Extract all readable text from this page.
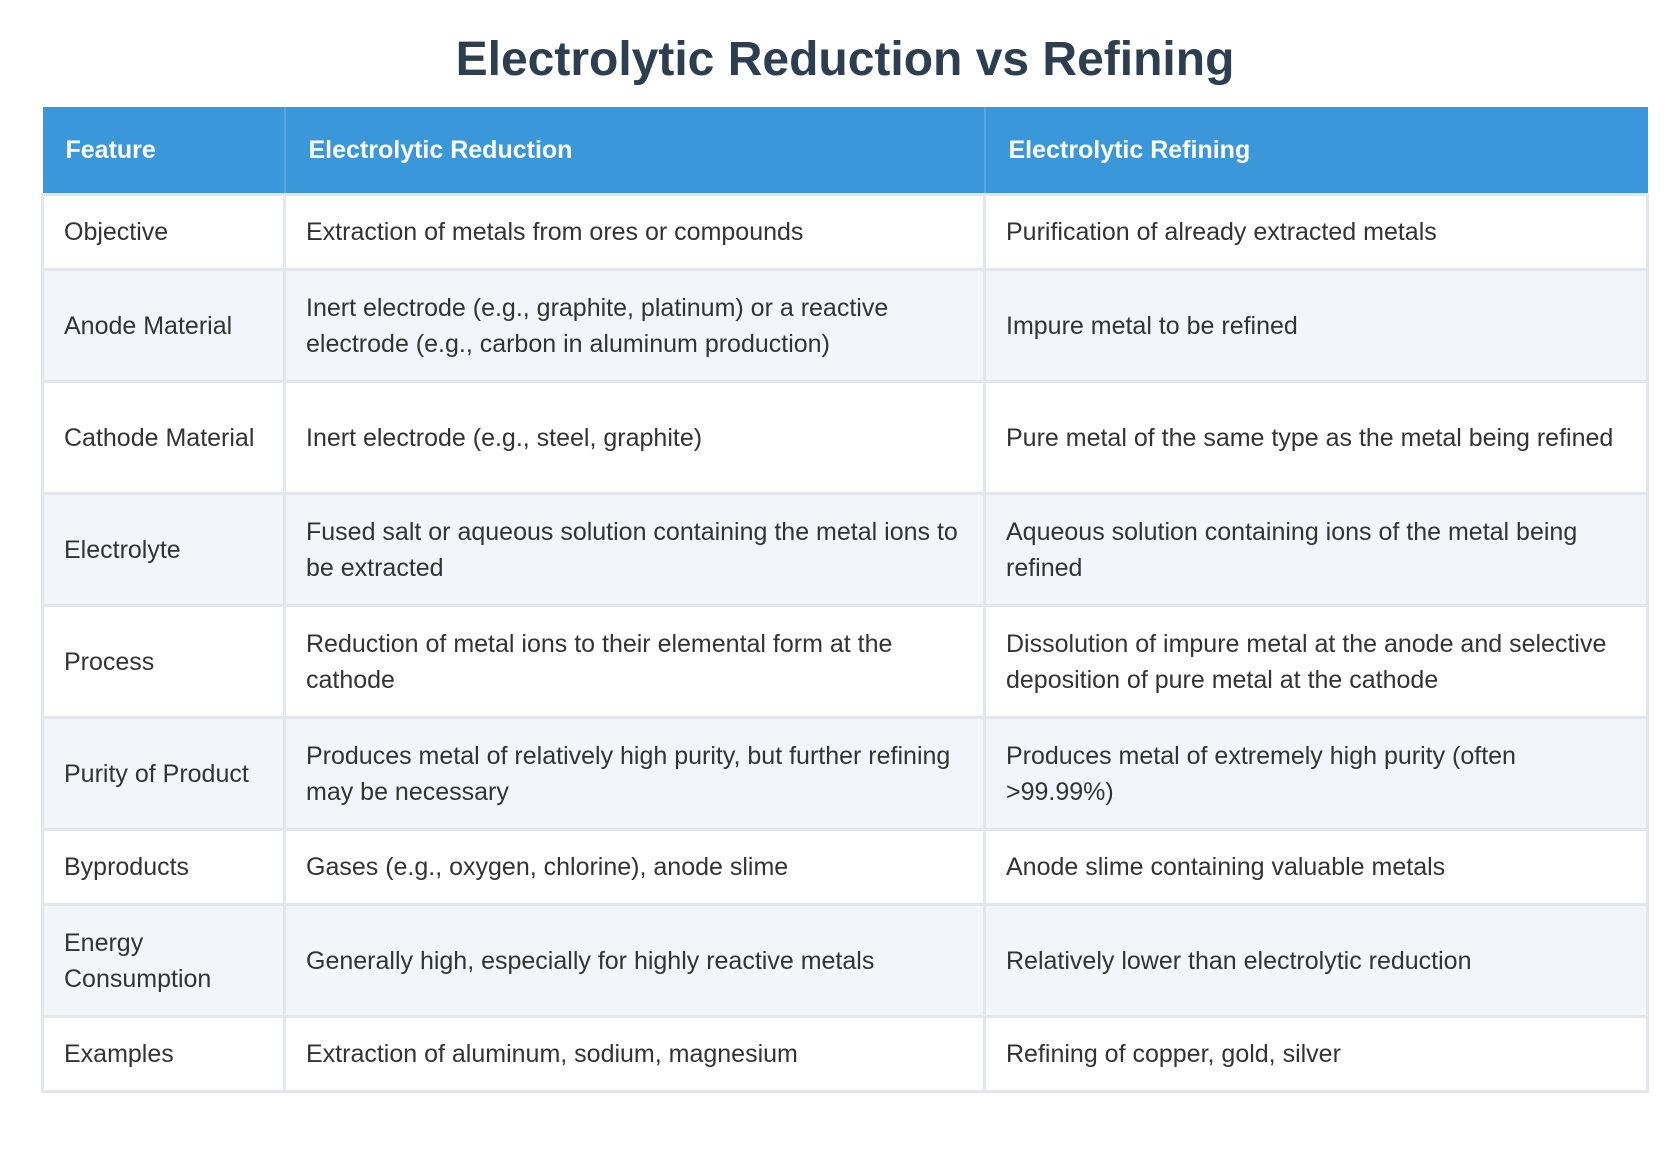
Electrolytic Reduction vs Refining
Feature	Electrolytic Reduction	Electrolytic Refining
Objective	Extraction of metals from ores or compounds	Purification of already extracted metals
Anode Material	Inert electrode (e.g., graphite, platinum) or a reactive electrode (e.g., carbon in aluminum production)	Impure metal to be refined
Cathode Material	Inert electrode (e.g., steel, graphite)	Pure metal of the same type as the metal being refined
Electrolyte	Fused salt or aqueous solution containing the metal ions to be extracted	Aqueous solution containing ions of the metal being refined
Process	Reduction of metal ions to their elemental form at the cathode	Dissolution of impure metal at the anode and selective deposition of pure metal at the cathode
Purity of Product	Produces metal of relatively high purity, but further refining may be necessary	Produces metal of extremely high purity (often >99.99%)
Byproducts	Gases (e.g., oxygen, chlorine), anode slime	Anode slime containing valuable metals
Energy Consumption	Generally high, especially for highly reactive metals	Relatively lower than electrolytic reduction
Examples	Extraction of aluminum, sodium, magnesium	Refining of copper, gold, silver
